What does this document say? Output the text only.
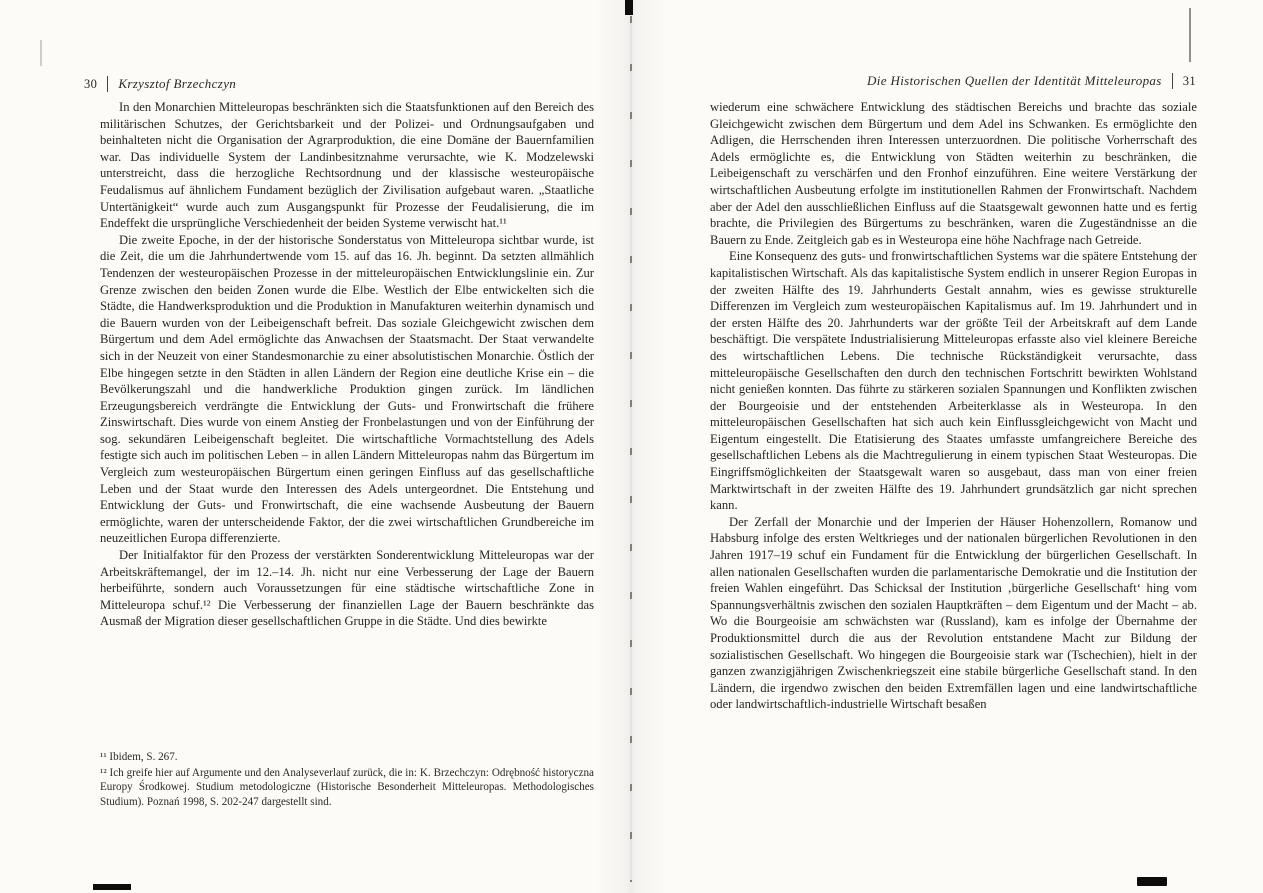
30 Krzysztof Brzechczyn

In den Monarchien Mitteleuropas beschränkten sich die Staatsfunktionen auf den Bereich des militärischen Schutzes, der Gerichtsbarkeit und der Polizei- und Ordnungsaufgaben und beinhalteten nicht die Organisation der Agrarproduktion, die eine Domäne der Bauernfamilien war. Das individuelle System der Landinbesitznahme verursachte, wie K. Modzelewski unterstreicht, dass die herzogliche Rechtsordnung und der klassische westeuropäische Feudalismus auf ähnlichem Fundament bezüglich der Zivilisation aufgebaut waren. „Staatliche Untertänigkeit“ wurde auch zum Ausgangspunkt für Prozesse der Feudalisierung, die im Endeffekt die ursprüngliche Verschiedenheit der beiden Systeme verwischt hat.¹¹

Die zweite Epoche, in der der historische Sonderstatus von Mitteleuropa sichtbar wurde, ist die Zeit, die um die Jahrhundertwende vom 15. auf das 16. Jh. beginnt. Da setzten allmählich Tendenzen der westeuropäischen Prozesse in der mitteleuropäischen Entwicklungslinie ein. Zur Grenze zwischen den beiden Zonen wurde die Elbe. Westlich der Elbe entwickelten sich die Städte, die Handwerksproduktion und die Produktion in Manufakturen weiterhin dynamisch und die Bauern wurden von der Leibeigenschaft befreit. Das soziale Gleichgewicht zwischen dem Bürgertum und dem Adel ermöglichte das Anwachsen der Staatsmacht. Der Staat verwandelte sich in der Neuzeit von einer Standesmonarchie zu einer absolutistischen Monarchie. Östlich der Elbe hingegen setzte in den Städten in allen Ländern der Region eine deutliche Krise ein – die Bevölkerungszahl und die handwerkliche Produktion gingen zurück. Im ländlichen Erzeugungsbereich verdrängte die Entwicklung der Guts- und Fronwirtschaft die frühere Zinswirtschaft. Dies wurde von einem Anstieg der Fronbelastungen und von der Einführung der sog. sekundären Leibeigenschaft begleitet. Die wirtschaftliche Vormachtstellung des Adels festigte sich auch im politischen Leben – in allen Ländern Mitteleuropas nahm das Bürgertum im Vergleich zum westeuropäischen Bürgertum einen geringen Einfluss auf das gesellschaftliche Leben und der Staat wurde den Interessen des Adels untergeordnet. Die Entstehung und Entwicklung der Guts- und Fronwirtschaft, die eine wachsende Ausbeutung der Bauern ermöglichte, waren der unterscheidende Faktor, der die zwei wirtschaftlichen Grundbereiche im neuzeitlichen Europa differenzierte.

Der Initialfaktor für den Prozess der verstärkten Sonderentwicklung Mitteleuropas war der Arbeitskräftemangel, der im 12.–14. Jh. nicht nur eine Verbesserung der Lage der Bauern herbeiführte, sondern auch Voraussetzungen für eine städtische wirtschaftliche Zone in Mitteleuropa schuf.¹² Die Verbesserung der finanziellen Lage der Bauern beschränkte das Ausmaß der Migration dieser gesellschaftlichen Gruppe in die Städte. Und dies bewirkte

¹¹ Ibidem, S. 267.

¹² Ich greife hier auf Argumente und den Analyseverlauf zurück, die in: K. Brzechczyn: Odrębność historyczna Europy Środkowej. Studium metodologiczne (Historische Besonderheit Mitteleuropas. Methodologisches Studium). Poznań 1998, S. 202-247 dargestellt sind.

Die Historischen Quellen der Identität Mitteleuropas 31

wiederum eine schwächere Entwicklung des städtischen Bereichs und brachte das soziale Gleichgewicht zwischen dem Bürgertum und dem Adel ins Schwanken. Es ermöglichte den Adligen, die Herrschenden ihren Interessen unterzuordnen. Die politische Vorherrschaft des Adels ermöglichte es, die Entwicklung von Städten weiterhin zu beschränken, die Leibeigenschaft zu verschärfen und den Fronhof einzuführen. Eine weitere Verstärkung der wirtschaftlichen Ausbeutung erfolgte im institutionellen Rahmen der Fronwirtschaft. Nachdem aber der Adel den ausschließlichen Einfluss auf die Staatsgewalt gewonnen hatte und es fertig brachte, die Privilegien des Bürgertums zu beschränken, waren die Zugeständnisse an die Bauern zu Ende. Zeitgleich gab es in Westeuropa eine höhe Nachfrage nach Getreide.

Eine Konsequenz des guts- und fronwirtschaftlichen Systems war die spätere Entstehung der kapitalistischen Wirtschaft. Als das kapitalistische System endlich in unserer Region Europas in der zweiten Hälfte des 19. Jahrhunderts Gestalt annahm, wies es gewisse strukturelle Differenzen im Vergleich zum westeuropäischen Kapitalismus auf. Im 19. Jahrhundert und in der ersten Hälfte des 20. Jahrhunderts war der größte Teil der Arbeitskraft auf dem Lande beschäftigt. Die verspätete Industrialisierung Mitteleuropas erfasste also viel kleinere Bereiche des wirtschaftlichen Lebens. Die technische Rückständigkeit verursachte, dass mitteleuropäische Gesellschaften den durch den technischen Fortschritt bewirkten Wohlstand nicht genießen konnten. Das führte zu stärkeren sozialen Spannungen und Konflikten zwischen der Bourgeoisie und der entstehenden Arbeiterklasse als in Westeuropa. In den mitteleuropäischen Gesellschaften hat sich auch kein Einflussgleichgewicht von Macht und Eigentum eingestellt. Die Etatisierung des Staates umfasste umfangreichere Bereiche des gesellschaftlichen Lebens als die Machtregulierung in einem typischen Staat Westeuropas. Die Eingriffsmöglichkeiten der Staatsgewalt waren so ausgebaut, dass man von einer freien Marktwirtschaft in der zweiten Hälfte des 19. Jahrhundert grundsätzlich gar nicht sprechen kann.

Der Zerfall der Monarchie und der Imperien der Häuser Hohenzollern, Romanow und Habsburg infolge des ersten Weltkrieges und der nationalen bürgerlichen Revolutionen in den Jahren 1917–19 schuf ein Fundament für die Entwicklung der bürgerlichen Gesellschaft. In allen nationalen Gesellschaften wurden die parlamentarische Demokratie und die Institution der freien Wahlen eingeführt. Das Schicksal der Institution ‚bürgerliche Gesellschaft‘ hing vom Spannungsverhältnis zwischen den sozialen Hauptkräften – dem Eigentum und der Macht – ab. Wo die Bourgeoisie am schwächsten war (Russland), kam es infolge der Übernahme der Produktionsmittel durch die aus der Revolution entstandene Macht zur Bildung der sozialistischen Gesellschaft. Wo hingegen die Bourgeoisie stark war (Tschechien), hielt in der ganzen zwanzigjährigen Zwischenkriegszeit eine stabile bürgerliche Gesellschaft stand. In den Ländern, die irgendwo zwischen den beiden Extremfällen lagen und eine landwirtschaftliche oder landwirtschaftlich-industrielle Wirtschaft besaßen
